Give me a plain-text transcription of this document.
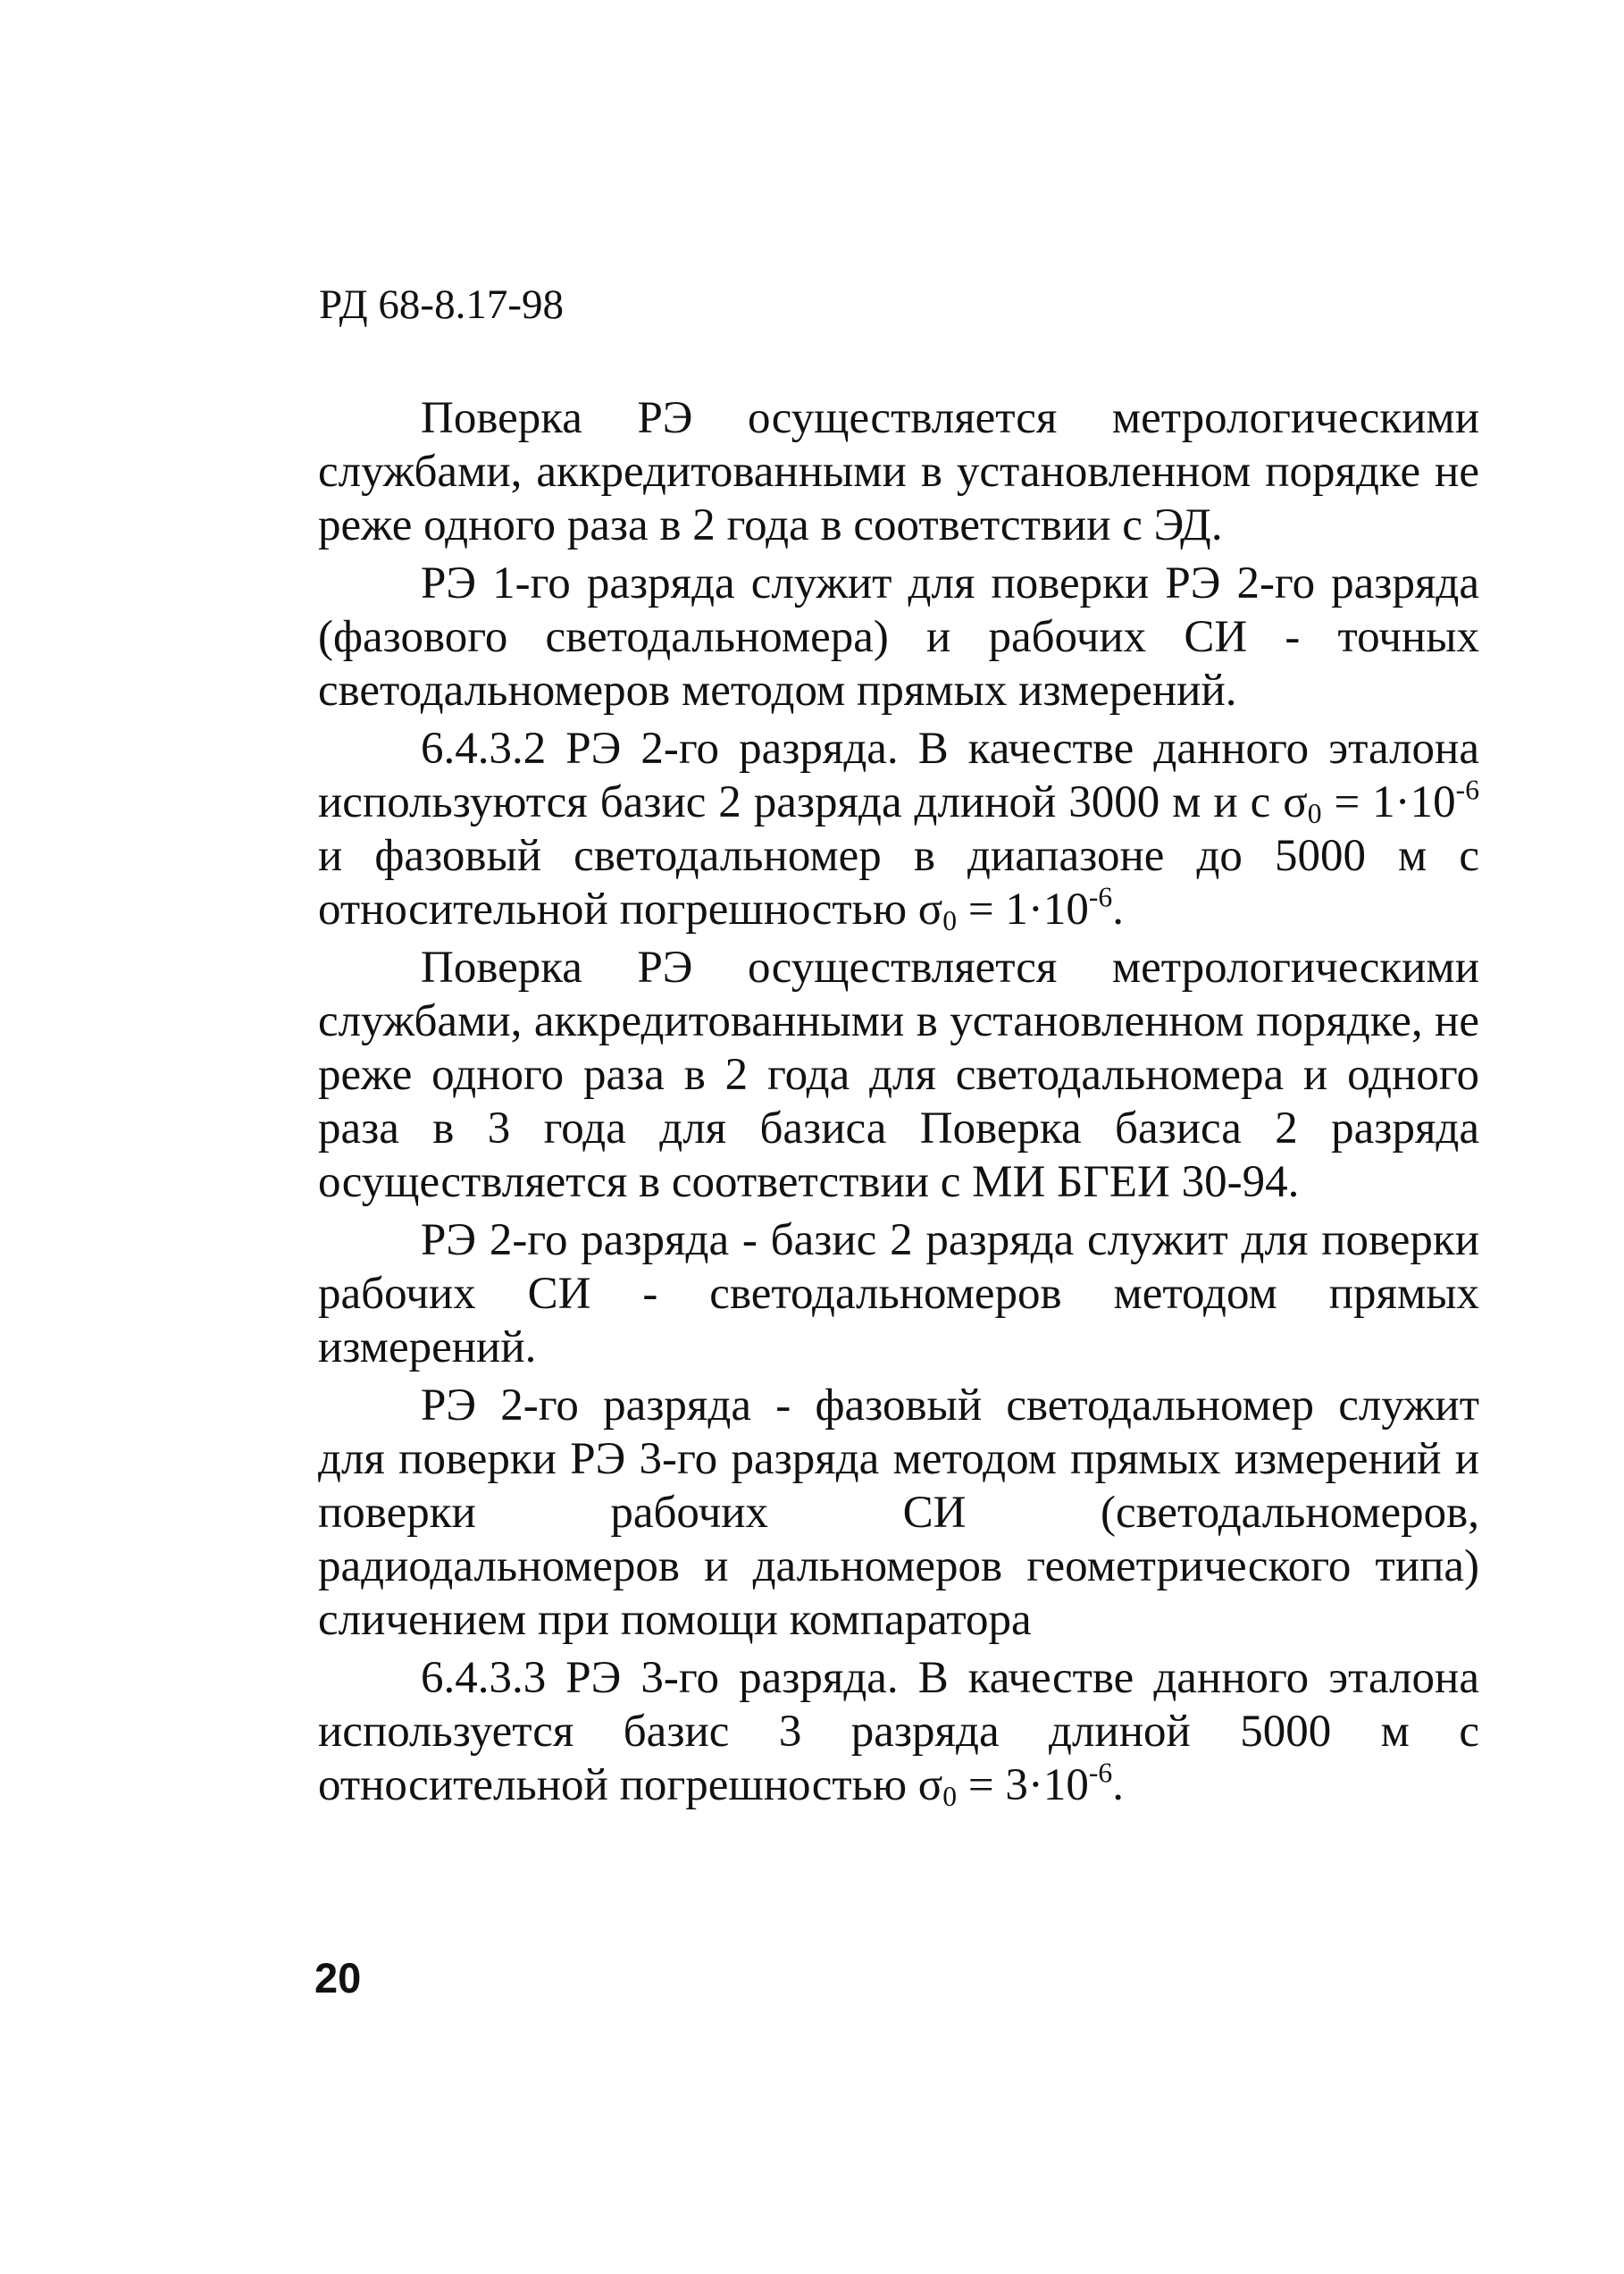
РД 68-8.17-98

Поверка РЭ осуществляется метрологическими службами, аккредитованными в установленном порядке не реже одного раза в 2 года в соответствии с ЭД.

РЭ 1-го разряда служит для поверки РЭ 2-го разряда (фазового светодальномера) и рабочих СИ - точных светодальномеров методом прямых измерений.

6.4.3.2 РЭ 2-го разряда. В качестве данного эталона используются базис 2 разряда длиной 3000 м и с $\sigma_0 = 1\cdot 10^{-6}$ и фазовый светодальномер в диапазоне до 5000 м с относительной погрешностью $\sigma_0 = 1\cdot 10^{-6}$.

Поверка РЭ осуществляется метрологическими службами, аккредитованными в установленном порядке, не реже одного раза в 2 года для светодальномера и одного раза в 3 года для базиса Поверка базиса 2 разряда осуществляется в соответствии с МИ БГЕИ 30-94.

РЭ 2-го разряда - базис 2 разряда служит для поверки рабочих СИ - светодальномеров методом прямых измерений.

РЭ 2-го разряда - фазовый светодальномер служит для поверки РЭ 3-го разряда методом прямых измерений и поверки рабочих СИ (светодальномеров, радиодальномеров и дальномеров геометрического типа) сличением при помощи компаратора

6.4.3.3 РЭ 3-го разряда. В качестве данного эталона используется базис 3 разряда длиной 5000 м с относительной погрешностью $\sigma_0 = 3\cdot 10^{-6}$.

20
